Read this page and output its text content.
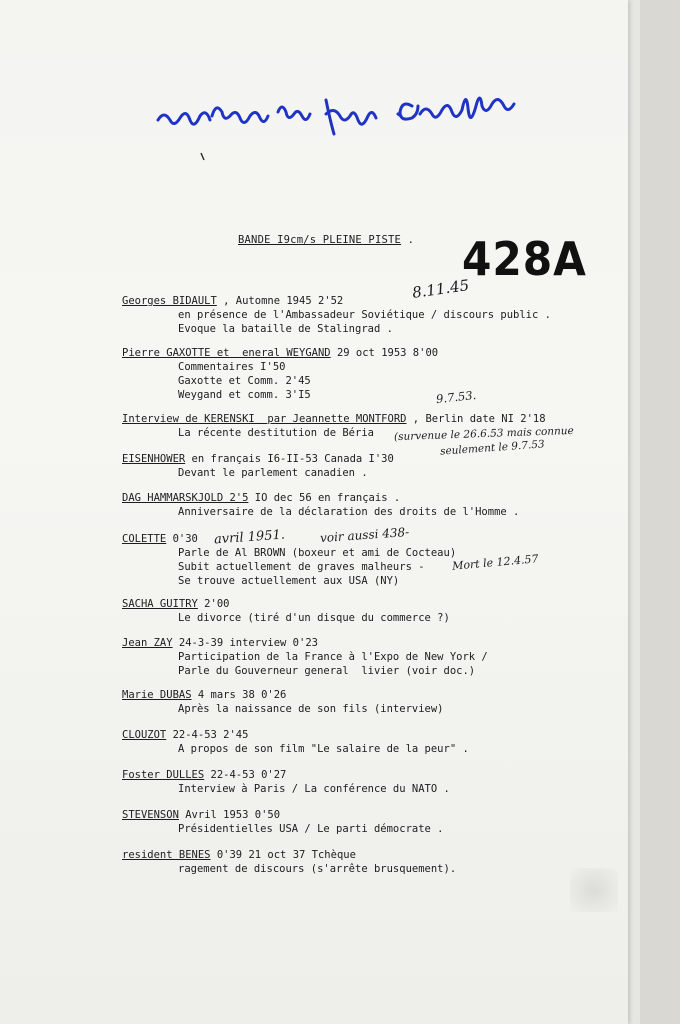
BANDE I9cm/s PLEINE PISTE . 428A
8.11.45
Georges BIDAULT , Automne 1945 2'52
en présence de l'Ambassadeur Soviétique / discours public .
Evoque la bataille de Stalingrad .
Pierre GAXOTTE et  eneral WEYGAND 29 oct 1953 8'00
Commentaires I'50
Gaxotte et Comm. 2'45
Weygand et comm. 3'I5
Interview de KERENSKI  par Jeannette MONTFORD , Berlin date NI 2'18
La récente destitution de Béria
EISENHOWER en français I6-II-53 Canada I'30
Devant le parlement canadien .
DAG HAMMARSKJOLD 2'5 IO dec 56 en français .
Anniversaire de la déclaration des droits de l'Homme .
COLETTE 0'30
Parle de Al BROWN (boxeur et ami de Cocteau)
Subit actuellement de graves malheurs -
Se trouve actuellement aux USA (NY)
SACHA GUITRY 2'00
Le divorce (tiré d'un disque du commerce ?)
Jean ZAY 24-3-39 interview 0'23
Participation de la France à l'Expo de New York /
Parle du Gouverneur general  livier (voir doc.)
Marie DUBAS 4 mars 38 0'26
Après la naissance de son fils (interview)
CLOUZOT 22-4-53 2'45
A propos de son film "Le salaire de la peur" .
Foster DULLES 22-4-53 0'27
Interview à Paris / La conférence du NATO .
STEVENSON Avril 1953 0'50
Présidentielles USA / Le parti démocrate .
resident BENES 0'39 21 oct 37 Tchèque
ragement de discours (s'arrête brusquement).
9.7.53.
(survenue le 26.6.53 mais connue
seulement le 9.7.53
avril 1951.	voir aussi 438-
Mort le 12.4.57
